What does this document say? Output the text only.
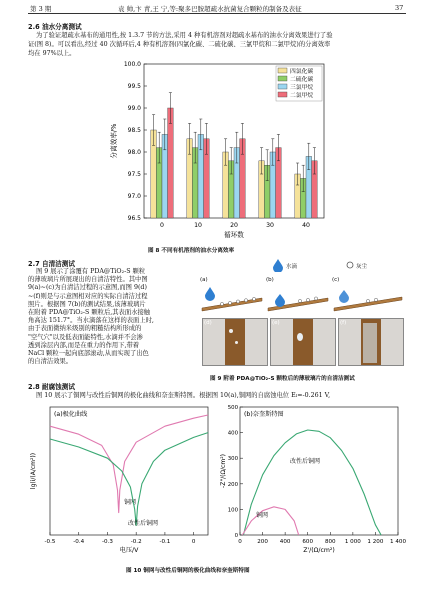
第 3 期	袁 帅,卞 青,王 宁,等:聚多巴胺超疏水抗菌复合颗粒的制备及表征	37
2.6 油水分离测试
为了验证超疏水基布的通用性,按 1.3.7 节的方法,采用 4 种有机溶剂对超疏水基布的油水分离效果进行了验
证(图 8)。可以看出,经过 40 次循环后,4 种有机溶剂(四氯化碳、二硫化碳、三氯甲烷和二氯甲烷)的分离效率
均在 97%以上。
96.5
97.0
97.5
98.0
98.5
99.0
99.5
100.0
0	10	20	30	40
四氯化碳
二硫化碳
三氯甲烷
二氯甲烷
循环数
分离效率/%
图 8 不同有机溶剂的油水分离效率
2.7 自清洁测试
图 9 展示了涂覆有 PDA@TiO₂-S 颗粒
的薄玻璃片所展现出的自清洁特性。其中图
9(a)~(c)为自清洁过程的示意图,而图 9(d)
~(f)则是与示意图相对应的实际自清洁过程
照片。根据图 7(b)的测试结果,该薄玻璃片
在附着 PDA@TiO₂-S 颗粒后,其表面水接触
角高达 151.7°。当水滴落在这样的表面上时,
由于表面微纳米级别的粗糙结构所形成的
"空气穴"以及低表面能特性,水滴并不会渗
透到涂层内部,而是在重力的作用下,带着
NaCl 颗粒一起向底部滚动,从而实现了出色
的自清洁效果。
水滴	灰尘
(a)	(b)	(c)
(d)	(e)	(f)
图 9 附着 PDA@TiO₂-S 颗粒后的薄玻璃片的自清洁测试
2.8 耐腐蚀测试
图 10 展示了铜网与改性后铜网的极化曲线和奈奎斯特图。根据图 10(a),铜网的自腐蚀电位 Eₗ=-0.261 V,
(a)极化曲线
-0.5	-0.4	-0.3	-0.2	-0.1	0
铜网
改性后铜网
电压/V
lg(i/(A/cm²))
(b)奈奎斯特图
0	200 400 600 800 1 000 1 200 1 400
0
100
200
300
400
500
改性后铜网
铜网
Z'/(Ω/cm²)
-Z"/(Ω/cm²)
图 10 铜网与改性后铜网的极化曲线和奈奎斯特图
